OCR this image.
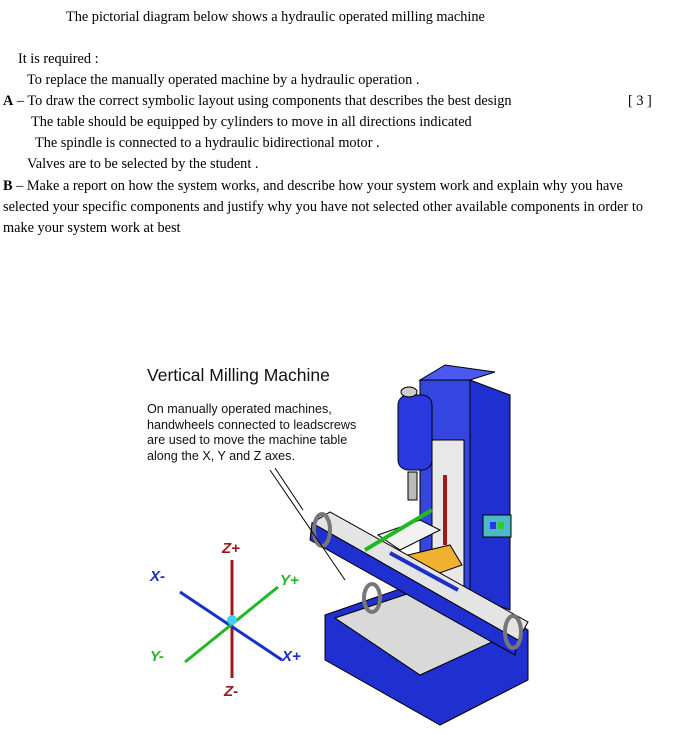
The pictorial diagram below shows a hydraulic operated milling machine
It is required :
To replace the manually operated machine by a hydraulic operation .
A – To draw the correct symbolic layout using components that describes the best design	[ 3 ]
The table should be equipped by cylinders to move in all directions indicated
The spindle is connected to a hydraulic bidirectional motor .
Valves are to be selected by the student .
B – Make a report on how the system works, and describe how your system work and explain why you have
selected your specific components and justify why you have not selected other available components in order to
make your system work at best
Vertical Milling Machine
On manually operated machines,
handwheels connected to leadscrews
are used to move the machine table
along the X, Y and Z axes.
Z+
Z-
X-
X+
Y+
Y-
